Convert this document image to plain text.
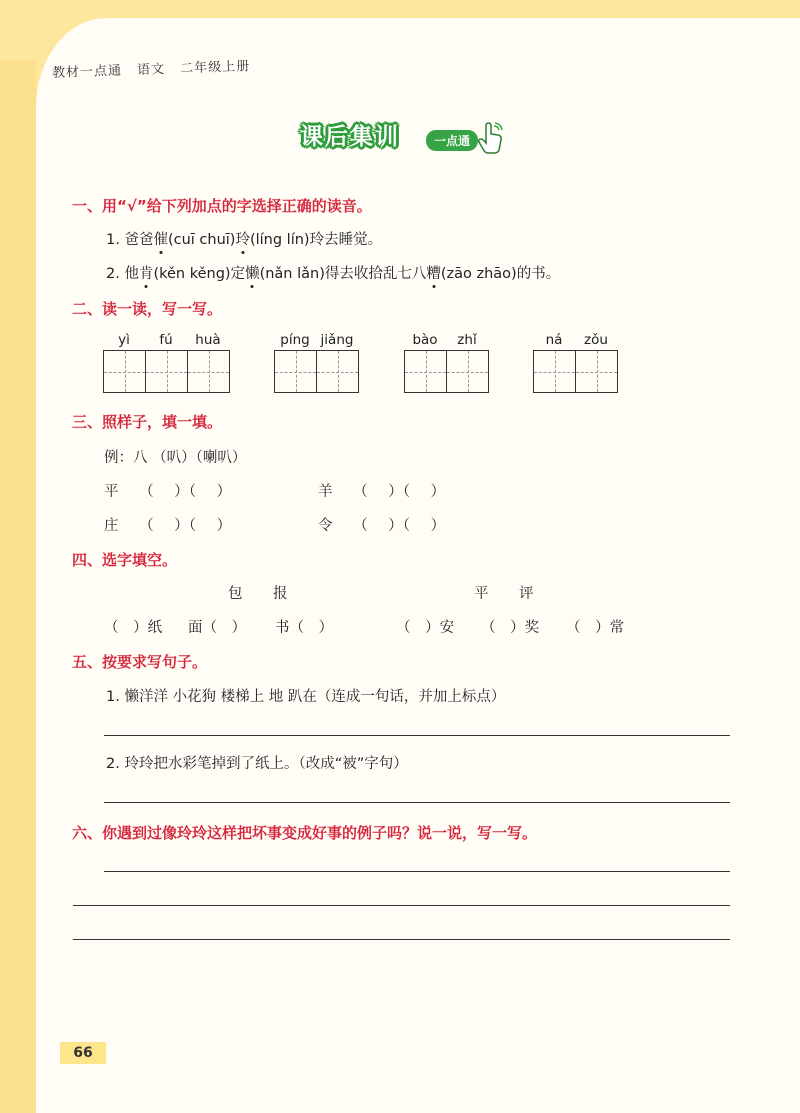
教材一点通 语文 二年级上册
课后集训	一点通
一、用“√”给下列加点的字选择正确的读音。
1. 爸爸催(cuī chuī)玲(líng lín)玲去睡觉。
2. 他肯(kěn kěng)定懒(nǎn lǎn)得去收拾乱七八糟(zāo zhāo)的书。
二、读一读，写一写。
yì	fú	huà	píng jiǎng	bào	zhǐ	ná	zǒu
三、照样子，填一填。
例：八 （叭）（喇叭）
平 （ ）（ ）	羊 （ ）（ ）
庄 （ ）（ ）	令 （ ）（ ）
四、选字填空。
包 报	平 评
（ ）纸 面（ ） 书（ ）	（ ）安 （ ）奖 （ ）常
五、按要求写句子。
1. 懒洋洋 小花狗 楼梯上 地 趴在（连成一句话，并加上标点）
2. 玲玲把水彩笔掉到了纸上。（改成“被”字句）
六、你遇到过像玲玲这样把坏事变成好事的例子吗？说一说，写一写。
66
